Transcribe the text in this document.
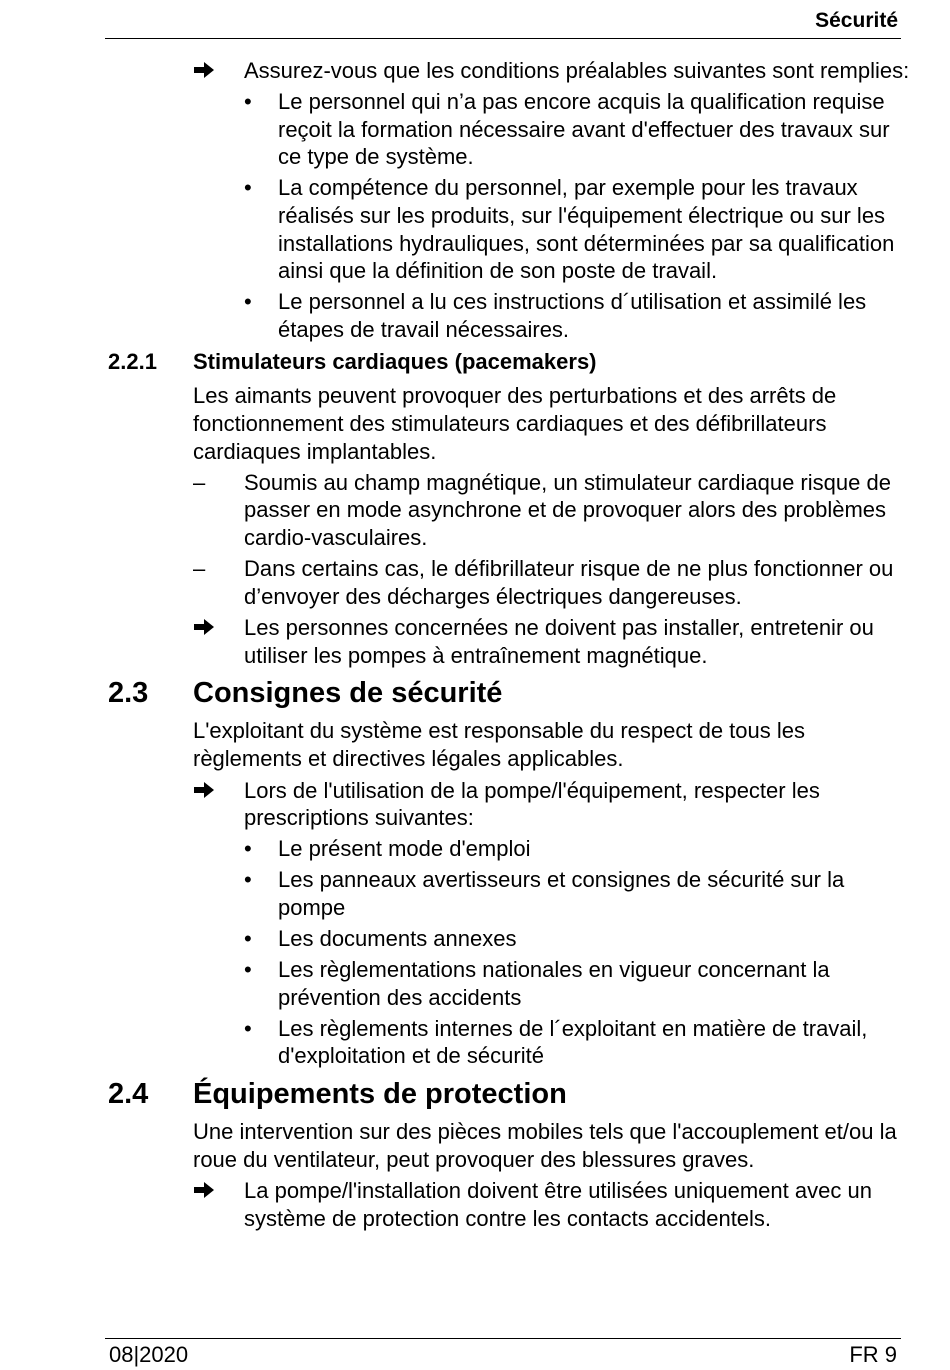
Sécurité
Assurez-vous que les conditions préalables suivantes sont remplies:
• Le personnel qui n’a pas encore acquis la qualification requise reçoit la formation nécessaire avant d'effectuer des travaux sur ce type de système.
• La compétence du personnel, par exemple pour les travaux réalisés sur les produits, sur l'équipement électrique ou sur les installations hydrauliques, sont déterminées par sa qualification ainsi que la définition de son poste de travail.
• Le personnel a lu ces instructions d´utilisation et assimilé les étapes de travail nécessaires.
2.2.1 Stimulateurs cardiaques (pacemakers)
Les aimants peuvent provoquer des perturbations et des arrêts de fonctionnement des stimulateurs cardiaques et des défibrillateurs cardiaques implantables.
– Soumis au champ magnétique, un stimulateur cardiaque risque de passer en mode asynchrone et de provoquer alors des problèmes cardio-vasculaires.
– Dans certains cas, le défibrillateur risque de ne plus fonctionner ou d’envoyer des décharges électriques dangereuses.
Les personnes concernées ne doivent pas installer, entretenir ou utiliser les pompes à entraînement magnétique.
2.3 Consignes de sécurité
L'exploitant du système est responsable du respect de tous les règlements et directives légales applicables.
Lors de l'utilisation de la pompe/l'équipement, respecter les prescriptions suivantes:
• Le présent mode d'emploi
• Les panneaux avertisseurs et consignes de sécurité sur la pompe
• Les documents annexes
• Les règlementations nationales en vigueur concernant la prévention des accidents
• Les règlements internes de l´exploitant en matière de travail, d'exploitation et de sécurité
2.4 Équipements de protection
Une intervention sur des pièces mobiles tels que l'accouplement et/ou la roue du ventilateur, peut provoquer des blessures graves.
La pompe/l'installation doivent être utilisées uniquement avec un système de protection contre les contacts accidentels.
08|2020	FR 9
